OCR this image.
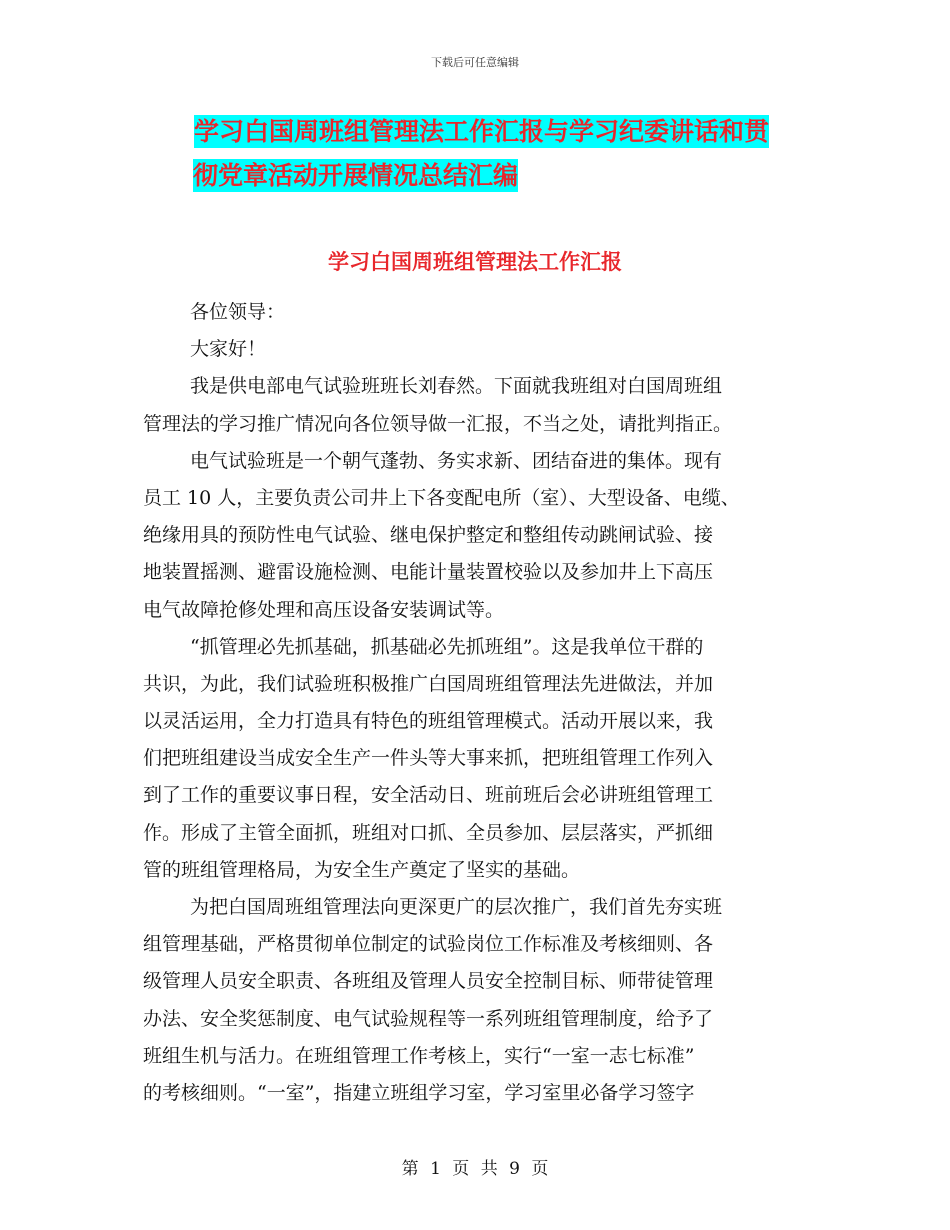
下载后可任意编辑
学习白国周班组管理法工作汇报与学习纪委讲话和贯
彻党章活动开展情况总结汇编
学习白国周班组管理法工作汇报
各位领导：
大家好！
我是供电部电气试验班班长刘春然。下面就我班组对白国周班组
管理法的学习推广情况向各位领导做一汇报，不当之处，请批判指正。
电气试验班是一个朝气蓬勃、务实求新、团结奋进的集体。现有
员工 10 人，主要负责公司井上下各变配电所（室）、大型设备、电缆、
绝缘用具的预防性电气试验、继电保护整定和整组传动跳闸试验、接
地装置摇测、避雷设施检测、电能计量装置校验以及参加井上下高压
电气故障抢修处理和高压设备安装调试等。
“抓管理必先抓基础，抓基础必先抓班组”。这是我单位干群的
共识，为此，我们试验班积极推广白国周班组管理法先进做法，并加
以灵活运用，全力打造具有特色的班组管理模式。活动开展以来，我
们把班组建设当成安全生产一件头等大事来抓，把班组管理工作列入
到了工作的重要议事日程，安全活动日、班前班后会必讲班组管理工
作。形成了主管全面抓，班组对口抓、全员参加、层层落实，严抓细
管的班组管理格局，为安全生产奠定了坚实的基础。
为把白国周班组管理法向更深更广的层次推广，我们首先夯实班
组管理基础，严格贯彻单位制定的试验岗位工作标准及考核细则、各
级管理人员安全职责、各班组及管理人员安全控制目标、师带徒管理
办法、安全奖惩制度、电气试验规程等一系列班组管理制度，给予了
班组生机与活力。在班组管理工作考核上，实行“一室一志七标准”
的考核细则。“一室”，指建立班组学习室，学习室里必备学习签字
第 1 页 共 9 页
